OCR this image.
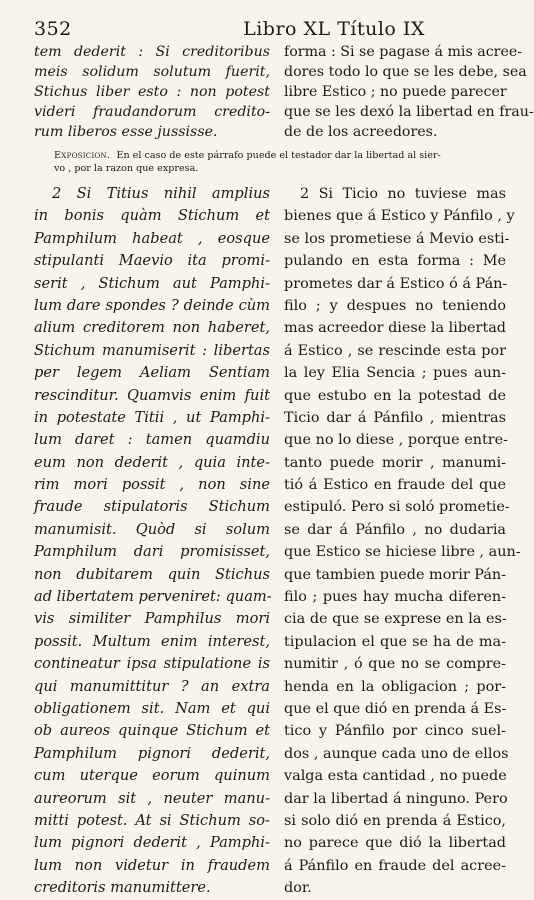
352	Libro XL Título IX
tem dederit : Si creditoribus
meis solidum solutum fuerit,
Stichus liber esto : non potest
videri fraudandorum credito-
rum liberos esse jussisse.
forma : Si se pagase á mis acree-
dores todo lo que se les debe, sea
libre Estico ; no puede parecer
que se les dexó la libertad en frau-
de de los acreedores.
Exposicion. En el caso de este párrafo puede el testador dar la libertad al sier-
vo , por la razon que expresa.
2 Si Titius nihil amplius
in bonis quàm Stichum et
Pamphilum habeat , eosque
stipulanti Maevio ita promi-
serit , Stichum aut Pamphi-
lum dare spondes ? deinde cùm
alium creditorem non haberet,
Stichum manumiserit : libertas
per legem Aeliam Sentiam
rescinditur. Quamvis enim fuit
in potestate Titii , ut Pamphi-
lum daret : tamen quamdiu
eum non dederit , quia inte-
rim mori possit , non sine
fraude stipulatoris Stichum
manumisit. Quòd si solum
Pamphilum dari promisisset,
non dubitarem quin Stichus
ad libertatem perveniret: quam-
vis similiter Pamphilus mori
possit. Multum enim interest,
contineatur ipsa stipulatione is
qui manumittitur ? an extra
obligationem sit. Nam et qui
ob aureos quinque Stichum et
Pamphilum pignori dederit,
cum uterque eorum quinum
aureorum sit , neuter manu-
mitti potest. At si Stichum so-
lum pignori dederit , Pamphi-
lum non videtur in fraudem
creditoris manumittere.
2 Si Ticio no tuviese mas
bienes que á Estico y Pánfilo , y
se los prometiese á Mevio esti-
pulando en esta forma : Me
prometes dar á Estico ó á Pán-
filo ; y despues no teniendo
mas acreedor diese la libertad
á Estico , se rescinde esta por
la ley Elia Sencia ; pues aun-
que estubo en la potestad de
Ticio dar á Pánfilo , mientras
que no lo diese , porque entre-
tanto puede morir , manumi-
tió á Estico en fraude del que
estipuló. Pero si soló prometie-
se dar á Pánfilo , no dudaria
que Estico se hiciese libre , aun-
que tambien puede morir Pán-
filo ; pues hay mucha diferen-
cia de que se exprese en la es-
tipulacion el que se ha de ma-
numitir , ó que no se compre-
henda en la obligacion ; por-
que el que dió en prenda á Es-
tico y Pánfilo por cinco suel-
dos , aunque cada uno de ellos
valga esta cantidad , no puede
dar la libertad á ninguno. Pero
si solo dió en prenda á Estico,
no parece que dió la libertad
á Pánfilo en fraude del acree-
dor.
